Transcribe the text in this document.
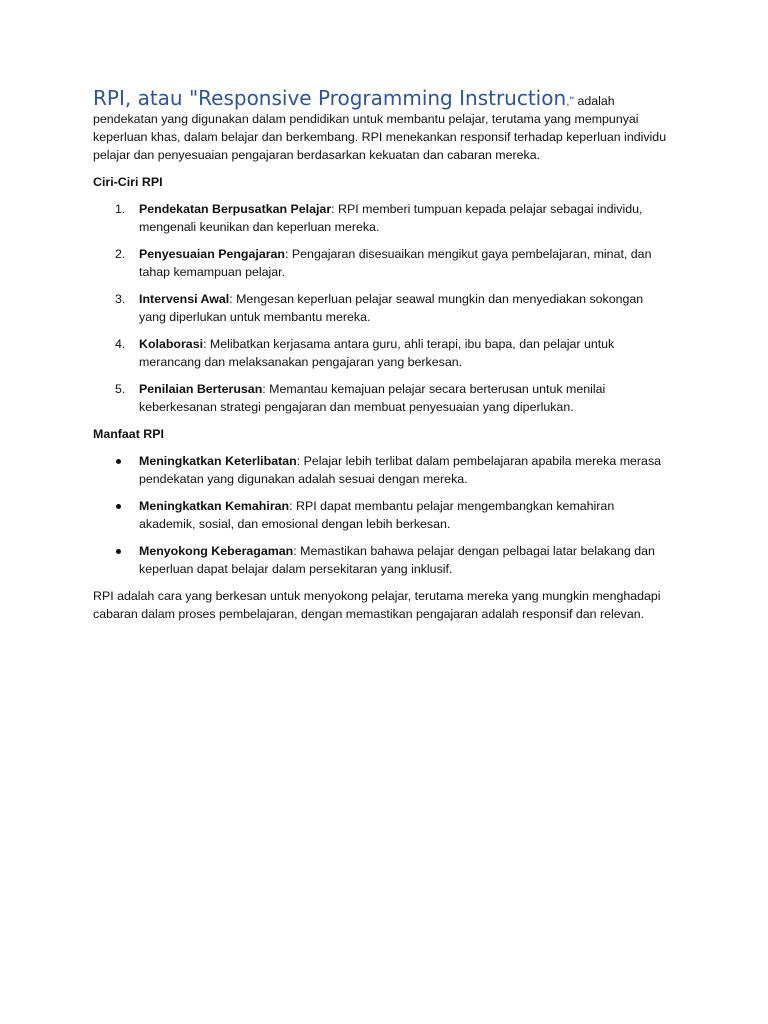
RPI, atau "Responsive Programming Instruction," adalah pendekatan yang digunakan dalam pendidikan untuk membantu pelajar, terutama yang mempunyai keperluan khas, dalam belajar dan berkembang. RPI menekankan responsif terhadap keperluan individu pelajar dan penyesuaian pengajaran berdasarkan kekuatan dan cabaran mereka.

Ciri-Ciri RPI
1.	Pendekatan Berpusatkan Pelajar: RPI memberi tumpuan kepada pelajar sebagai individu, mengenali keunikan dan keperluan mereka.
2.	Penyesuaian Pengajaran: Pengajaran disesuaikan mengikut gaya pembelajaran, minat, dan tahap kemampuan pelajar.
3.	Intervensi Awal: Mengesan keperluan pelajar seawal mungkin dan menyediakan sokongan yang diperlukan untuk membantu mereka.
4.	Kolaborasi: Melibatkan kerjasama antara guru, ahli terapi, ibu bapa, dan pelajar untuk merancang dan melaksanakan pengajaran yang berkesan.
5.	Penilaian Berterusan: Memantau kemajuan pelajar secara berterusan untuk menilai keberkesanan strategi pengajaran dan membuat penyesuaian yang diperlukan.
Manfaat RPI
Meningkatkan Keterlibatan: Pelajar lebih terlibat dalam pembelajaran apabila mereka merasa pendekatan yang digunakan adalah sesuai dengan mereka.
Meningkatkan Kemahiran: RPI dapat membantu pelajar mengembangkan kemahiran akademik, sosial, dan emosional dengan lebih berkesan.
Menyokong Keberagaman: Memastikan bahawa pelajar dengan pelbagai latar belakang dan keperluan dapat belajar dalam persekitaran yang inklusif.

RPI adalah cara yang berkesan untuk menyokong pelajar, terutama mereka yang mungkin menghadapi cabaran dalam proses pembelajaran, dengan memastikan pengajaran adalah responsif dan relevan.
